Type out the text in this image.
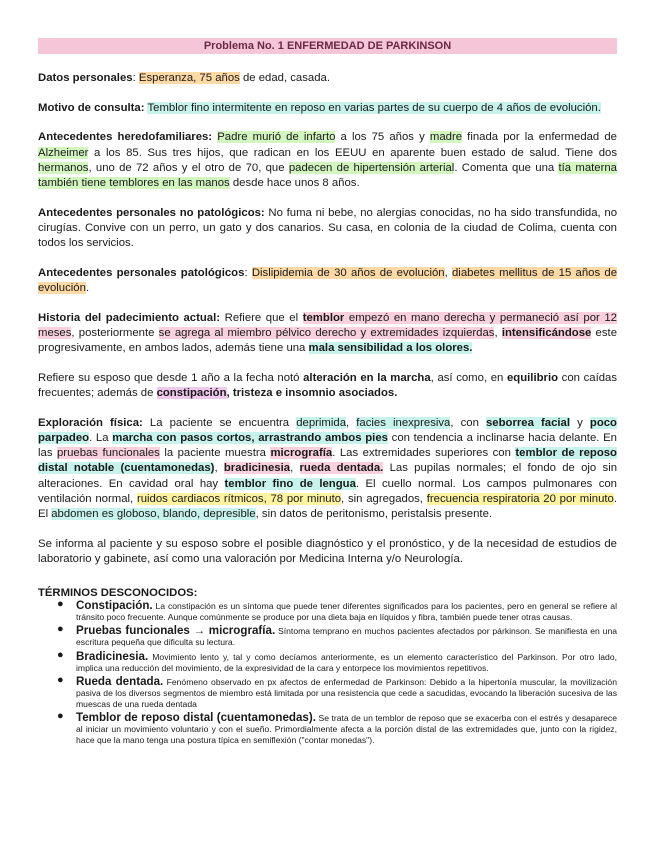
Problema No. 1 ENFERMEDAD DE PARKINSON

Datos personales: Esperanza, 75 años de edad, casada.

Motivo de consulta: Temblor fino intermitente en reposo en varias partes de su cuerpo de 4 años de evolución.

Antecedentes heredofamiliares: Padre murió de infarto a los 75 años y madre finada por la enfermedad de Alzheimer a los 85. Sus tres hijos, que radican en los EEUU en aparente buen estado de salud. Tiene dos hermanos, uno de 72 años y el otro de 70, que padecen de hipertensión arterial. Comenta que una tía materna también tiene temblores en las manos desde hace unos 8 años.

Antecedentes personales no patológicos: No fuma ni bebe, no alergias conocidas, no ha sido transfundida, no cirugías. Convive con un perro, un gato y dos canarios. Su casa, en colonia de la ciudad de Colima, cuenta con todos los servicios.

Antecedentes personales patológicos: Dislipidemia de 30 años de evolución, diabetes mellitus de 15 años de evolución.

Historia del padecimiento actual: Refiere que el temblor empezó en mano derecha y permaneció así por 12 meses, posteriormente se agrega al miembro pélvico derecho y extremidades izquierdas, intensificándose este progresivamente, en ambos lados, además tiene una mala sensibilidad a los olores.

Refiere su esposo que desde 1 año a la fecha notó alteración en la marcha, así como, en equilibrio con caídas frecuentes; además de constipación, tristeza e insomnio asociados.

Exploración física: La paciente se encuentra deprimida, facies inexpresiva, con seborrea facial y poco parpadeo. La marcha con pasos cortos, arrastrando ambos pies con tendencia a inclinarse hacia delante. En las pruebas funcionales la paciente muestra micrografía. Las extremidades superiores con temblor de reposo distal notable (cuentamonedas), bradicinesia, rueda dentada. Las pupilas normales; el fondo de ojo sin alteraciones. En cavidad oral hay temblor fino de lengua. El cuello normal. Los campos pulmonares con ventilación normal, ruidos cardiacos rítmicos, 78 por minuto, sin agregados, frecuencia respiratoria 20 por minuto. El abdomen es globoso, blando, depresible, sin datos de peritonismo, peristalsis presente.

Se informa al paciente y su esposo sobre el posible diagnóstico y el pronóstico, y de la necesidad de estudios de laboratorio y gabinete, así como una valoración por Medicina Interna y/o Neurología.

TÉRMINOS DESCONOCIDOS:
● Constipación. La constipación es un síntoma que puede tener diferentes significados para los pacientes, pero en general se refiere al tránsito poco frecuente. Aunque comúnmente se produce por una dieta baja en líquidos y fibra, también puede tener otras causas.
● Pruebas funcionales → micrografía. Síntoma temprano en muchos pacientes afectados por párkinson. Se manifiesta en una escritura pequeña que dificulta su lectura.
● Bradicinesia. Movimiento lento y, tal y como decíamos anteriormente, es un elemento característico del Parkinson. Por otro lado, implica una reducción del movimiento, de la expresividad de la cara y entorpece los movimientos repetitivos.
● Rueda dentada. Fenómeno observado en px afectos de enfermedad de Parkinson: Debido a la hipertonía muscular, la movilización pasiva de los diversos segmentos de miembro está limitada por una resistencia que cede a sacudidas, evocando la liberación sucesiva de las muescas de una rueda dentada
● Temblor de reposo distal (cuentamonedas). Se trata de un temblor de reposo que se exacerba con el estrés y desaparece al iniciar un movimiento voluntario y con el sueño. Primordialmente afecta a la porción distal de las extremidades que, junto con la rigidez, hace que la mano tenga una postura típica en semiflexión ("contar monedas").
